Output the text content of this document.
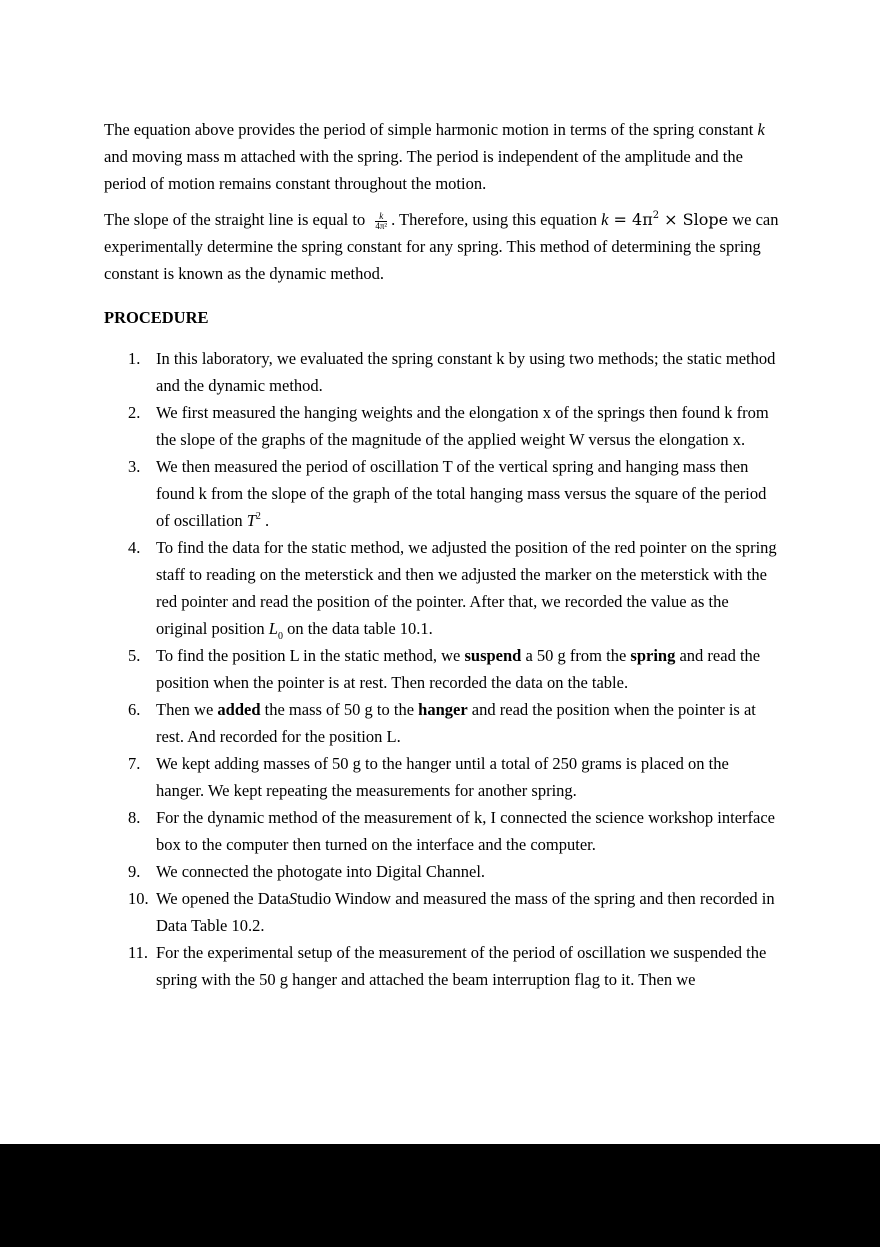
The equation above provides the period of simple harmonic motion in terms of the spring constant k and moving mass m attached with the spring. The period is independent of the amplitude and the period of motion remains constant throughout the motion.

The slope of the straight line is equal to $\frac{k}{\text{4π²}}$ . Therefore, using this equation $k = 4\pi^2$ × Slope we can experimentally determine the spring constant for any spring. This method of determining the spring constant is known as the dynamic method.

PROCEDURE
1. In this laboratory, we evaluated the spring constant k by using two methods; the static method and the dynamic method.
2. We first measured the hanging weights and the elongation x of the springs then found k from the slope of the graphs of the magnitude of the applied weight W versus the elongation x.
3. We then measured the period of oscillation T of the vertical spring and hanging mass then found k from the slope of the graph of the total hanging mass versus the square of the period of oscillation $T^2$ .
4. To find the data for the static method, we adjusted the position of the red pointer on the spring staff to reading on the meterstick and then we adjusted the marker on the meterstick with the red pointer and read the position of the pointer. After that, we recorded the value as the original position $L_0$ on the data table 10.1.
5. To find the position L in the static method, we suspend a 50 g from the spring and read the position when the pointer is at rest. Then recorded the data on the table.
6. Then we added the mass of 50 g to the hanger and read the position when the pointer is at rest. And recorded for the position L.
7. We kept adding masses of 50 g to the hanger until a total of 250 grams is placed on the hanger. We kept repeating the measurements for another spring.
8. For the dynamic method of the measurement of k, I connected the science workshop interface box to the computer then turned on the interface and the computer.
9. We connected the photogate into Digital Channel.
10. We opened the DataStudio Window and measured the mass of the spring and then recorded in Data Table 10.2.
11. For the experimental setup of the measurement of the period of oscillation we suspended the spring with the 50 g hanger and attached the beam interruption flag to it. Then we
